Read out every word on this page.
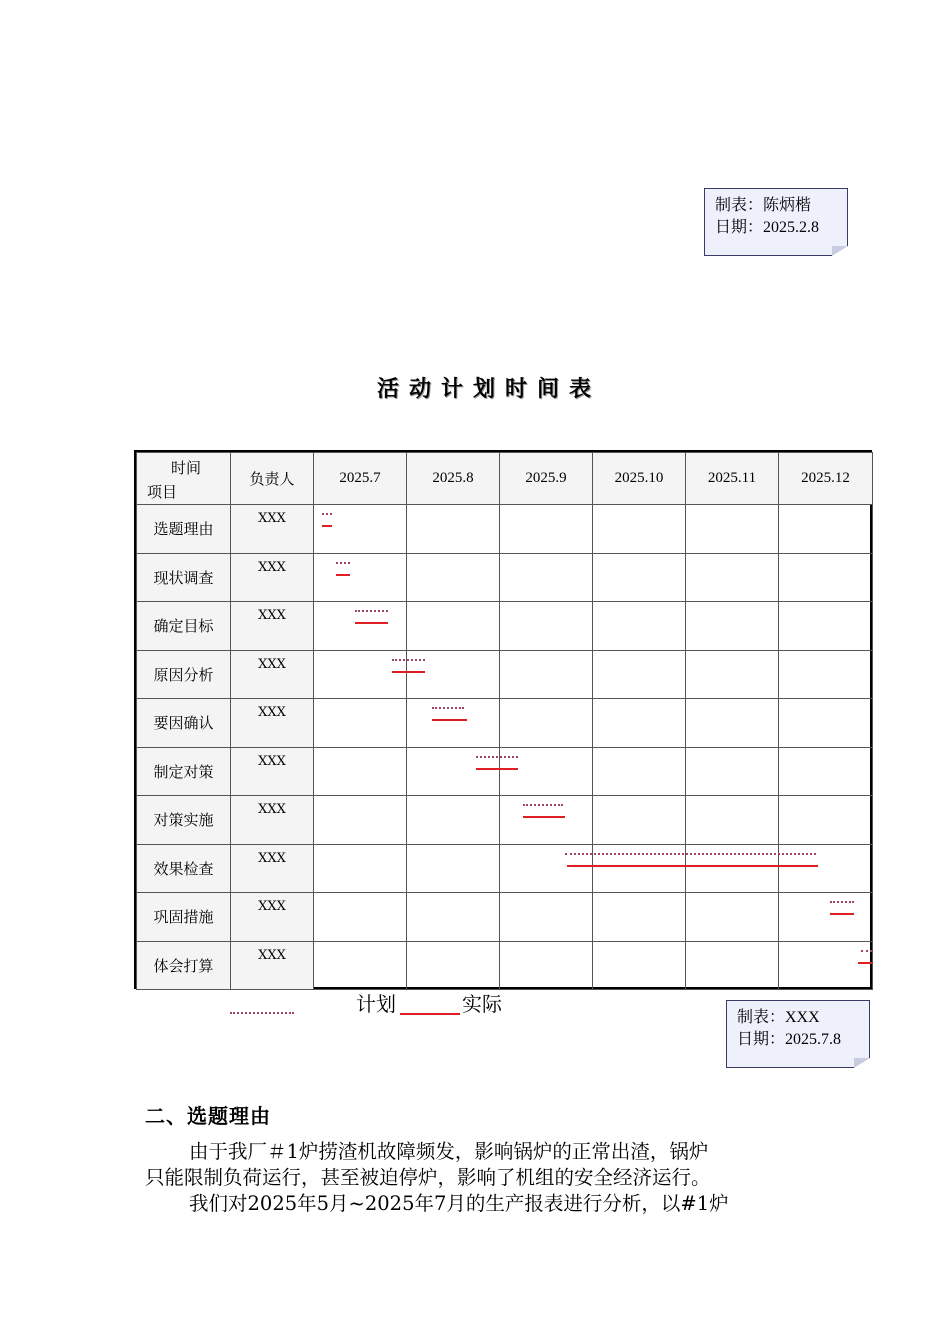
制表：陈炳楷
日期：2025.2.8
活动计划时间表
时间
项目	负责人	2025.7	2025.8	2025.9	2025.10	2025.11	2025.12
选题理由	XXX						
现状调查	XXX						
确定目标	XXX						
原因分析	XXX						
要因确认	XXX						
制定对策	XXX						
对策实施	XXX						
效果检查	XXX						
巩固措施	XXX						
体会打算	XXX						
计划	实际
制表：XXX
日期：2025.7.8
二、选题理由
由于我厂＃1炉捞渣机故障频发，影响锅炉的正常出渣，锅炉
只能限制负荷运行，甚至被迫停炉，影响了机组的安全经济运行。
我们对2025年5月~2025年7月的生产报表进行分析，以#1炉
